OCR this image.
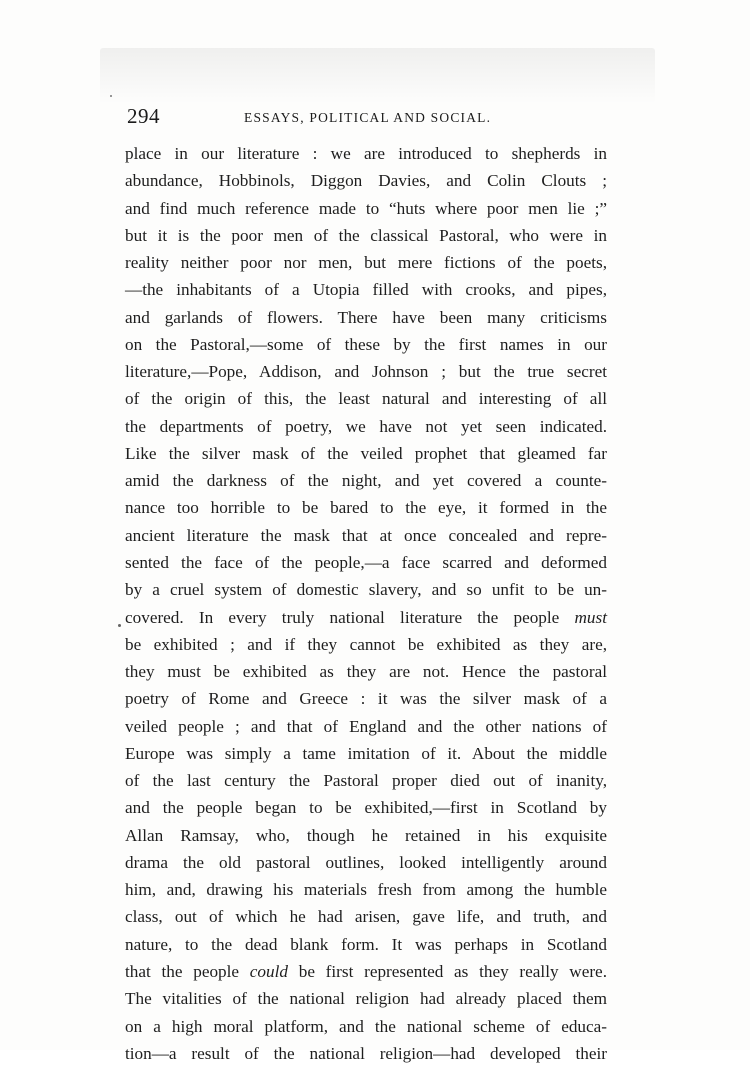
294	ESSAYS, POLITICAL AND SOCIAL.

place in our literature : we are introduced to shepherds in
abundance, Hobbinols, Diggon Davies, and Colin Clouts ;
and find much reference made to “huts where poor men lie ;”
but it is the poor men of the classical Pastoral, who were in
reality neither poor nor men, but mere fictions of the poets,
—the inhabitants of a Utopia filled with crooks, and pipes,
and garlands of flowers. There have been many criticisms
on the Pastoral,—some of these by the first names in our
literature,—Pope, Addison, and Johnson ; but the true secret
of the origin of this, the least natural and interesting of all
the departments of poetry, we have not yet seen indicated.
Like the silver mask of the veiled prophet that gleamed far
amid the darkness of the night, and yet covered a counte-
nance too horrible to be bared to the eye, it formed in the
ancient literature the mask that at once concealed and repre-
sented the face of the people,—a face scarred and deformed
by a cruel system of domestic slavery, and so unfit to be un-
covered. In every truly national literature the people must
be exhibited ; and if they cannot be exhibited as they are,
they must be exhibited as they are not. Hence the pastoral
poetry of Rome and Greece : it was the silver mask of a
veiled people ; and that of England and the other nations of
Europe was simply a tame imitation of it. About the middle
of the last century the Pastoral proper died out of inanity,
and the people began to be exhibited,—first in Scotland by
Allan Ramsay, who, though he retained in his exquisite
drama the old pastoral outlines, looked intelligently around
him, and, drawing his materials fresh from among the humble
class, out of which he had arisen, gave life, and truth, and
nature, to the dead blank form. It was perhaps in Scotland
that the people could be first represented as they really were.
The vitalities of the national religion had already placed them
on a high moral platform, and the national scheme of educa-
tion—a result of the national religion—had developed their
